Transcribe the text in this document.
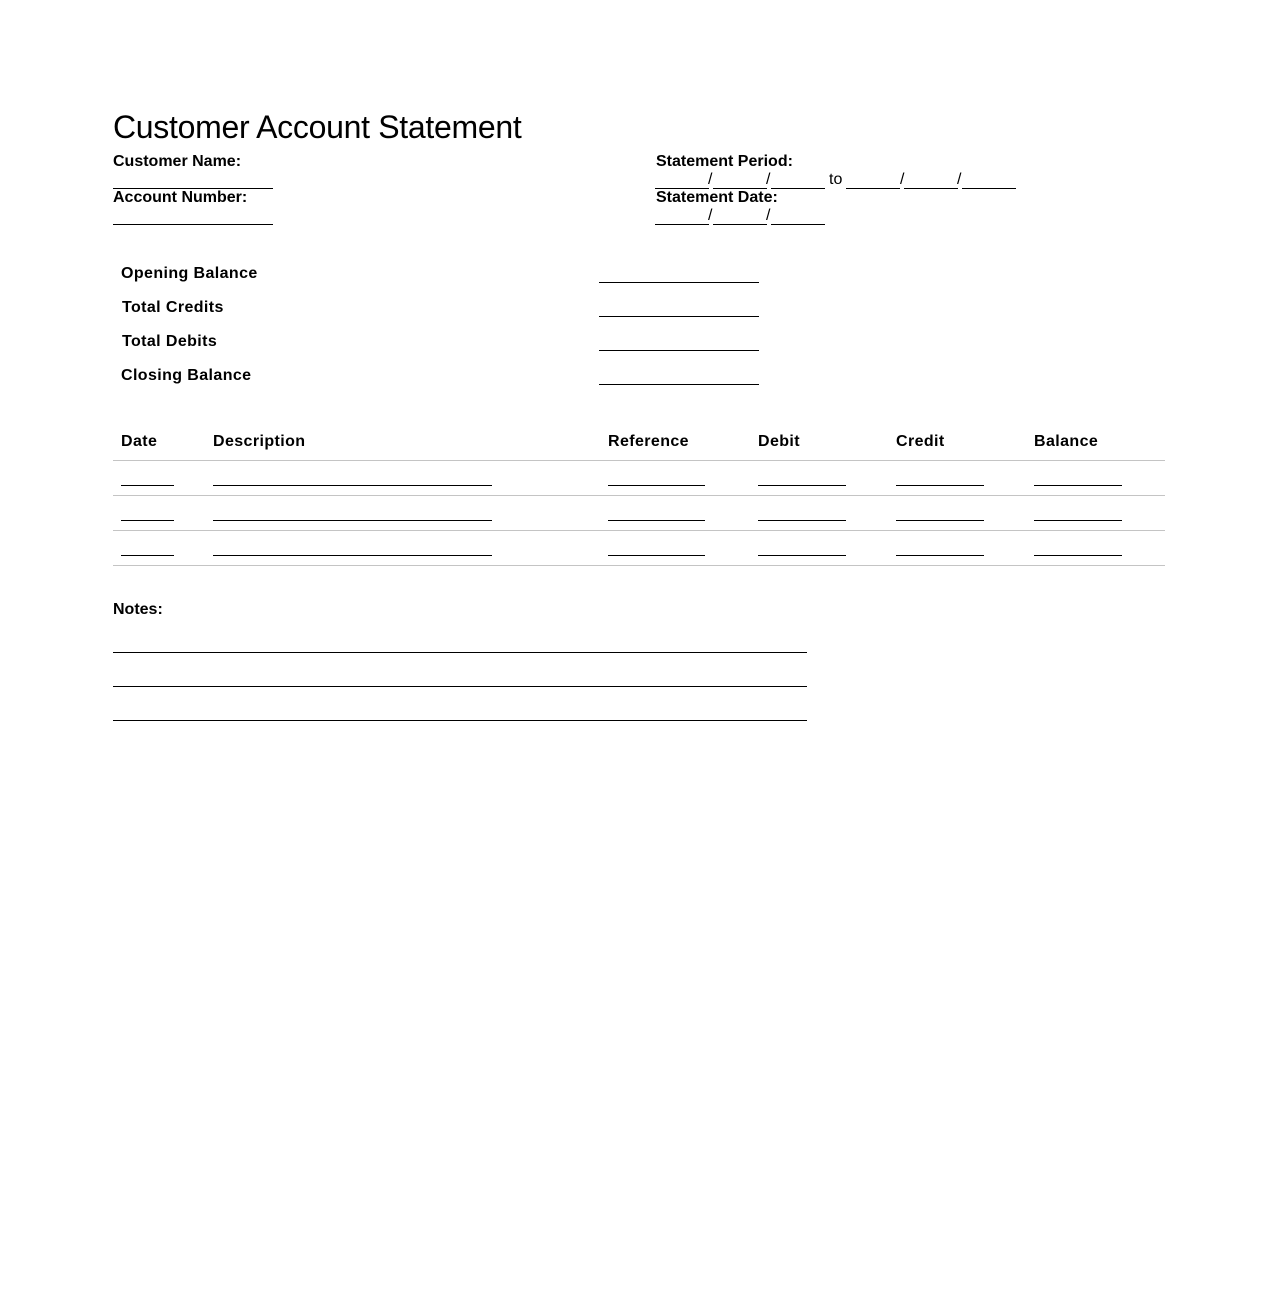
Customer Account Statement
Customer Name:
Account Number:
Statement Period:
/	/	to	/	/
Statement Date:
/	/
Opening Balance
Total Credits
Total Debits
Closing Balance
Date	Description	Reference	Debit	Credit	Balance
Notes:
